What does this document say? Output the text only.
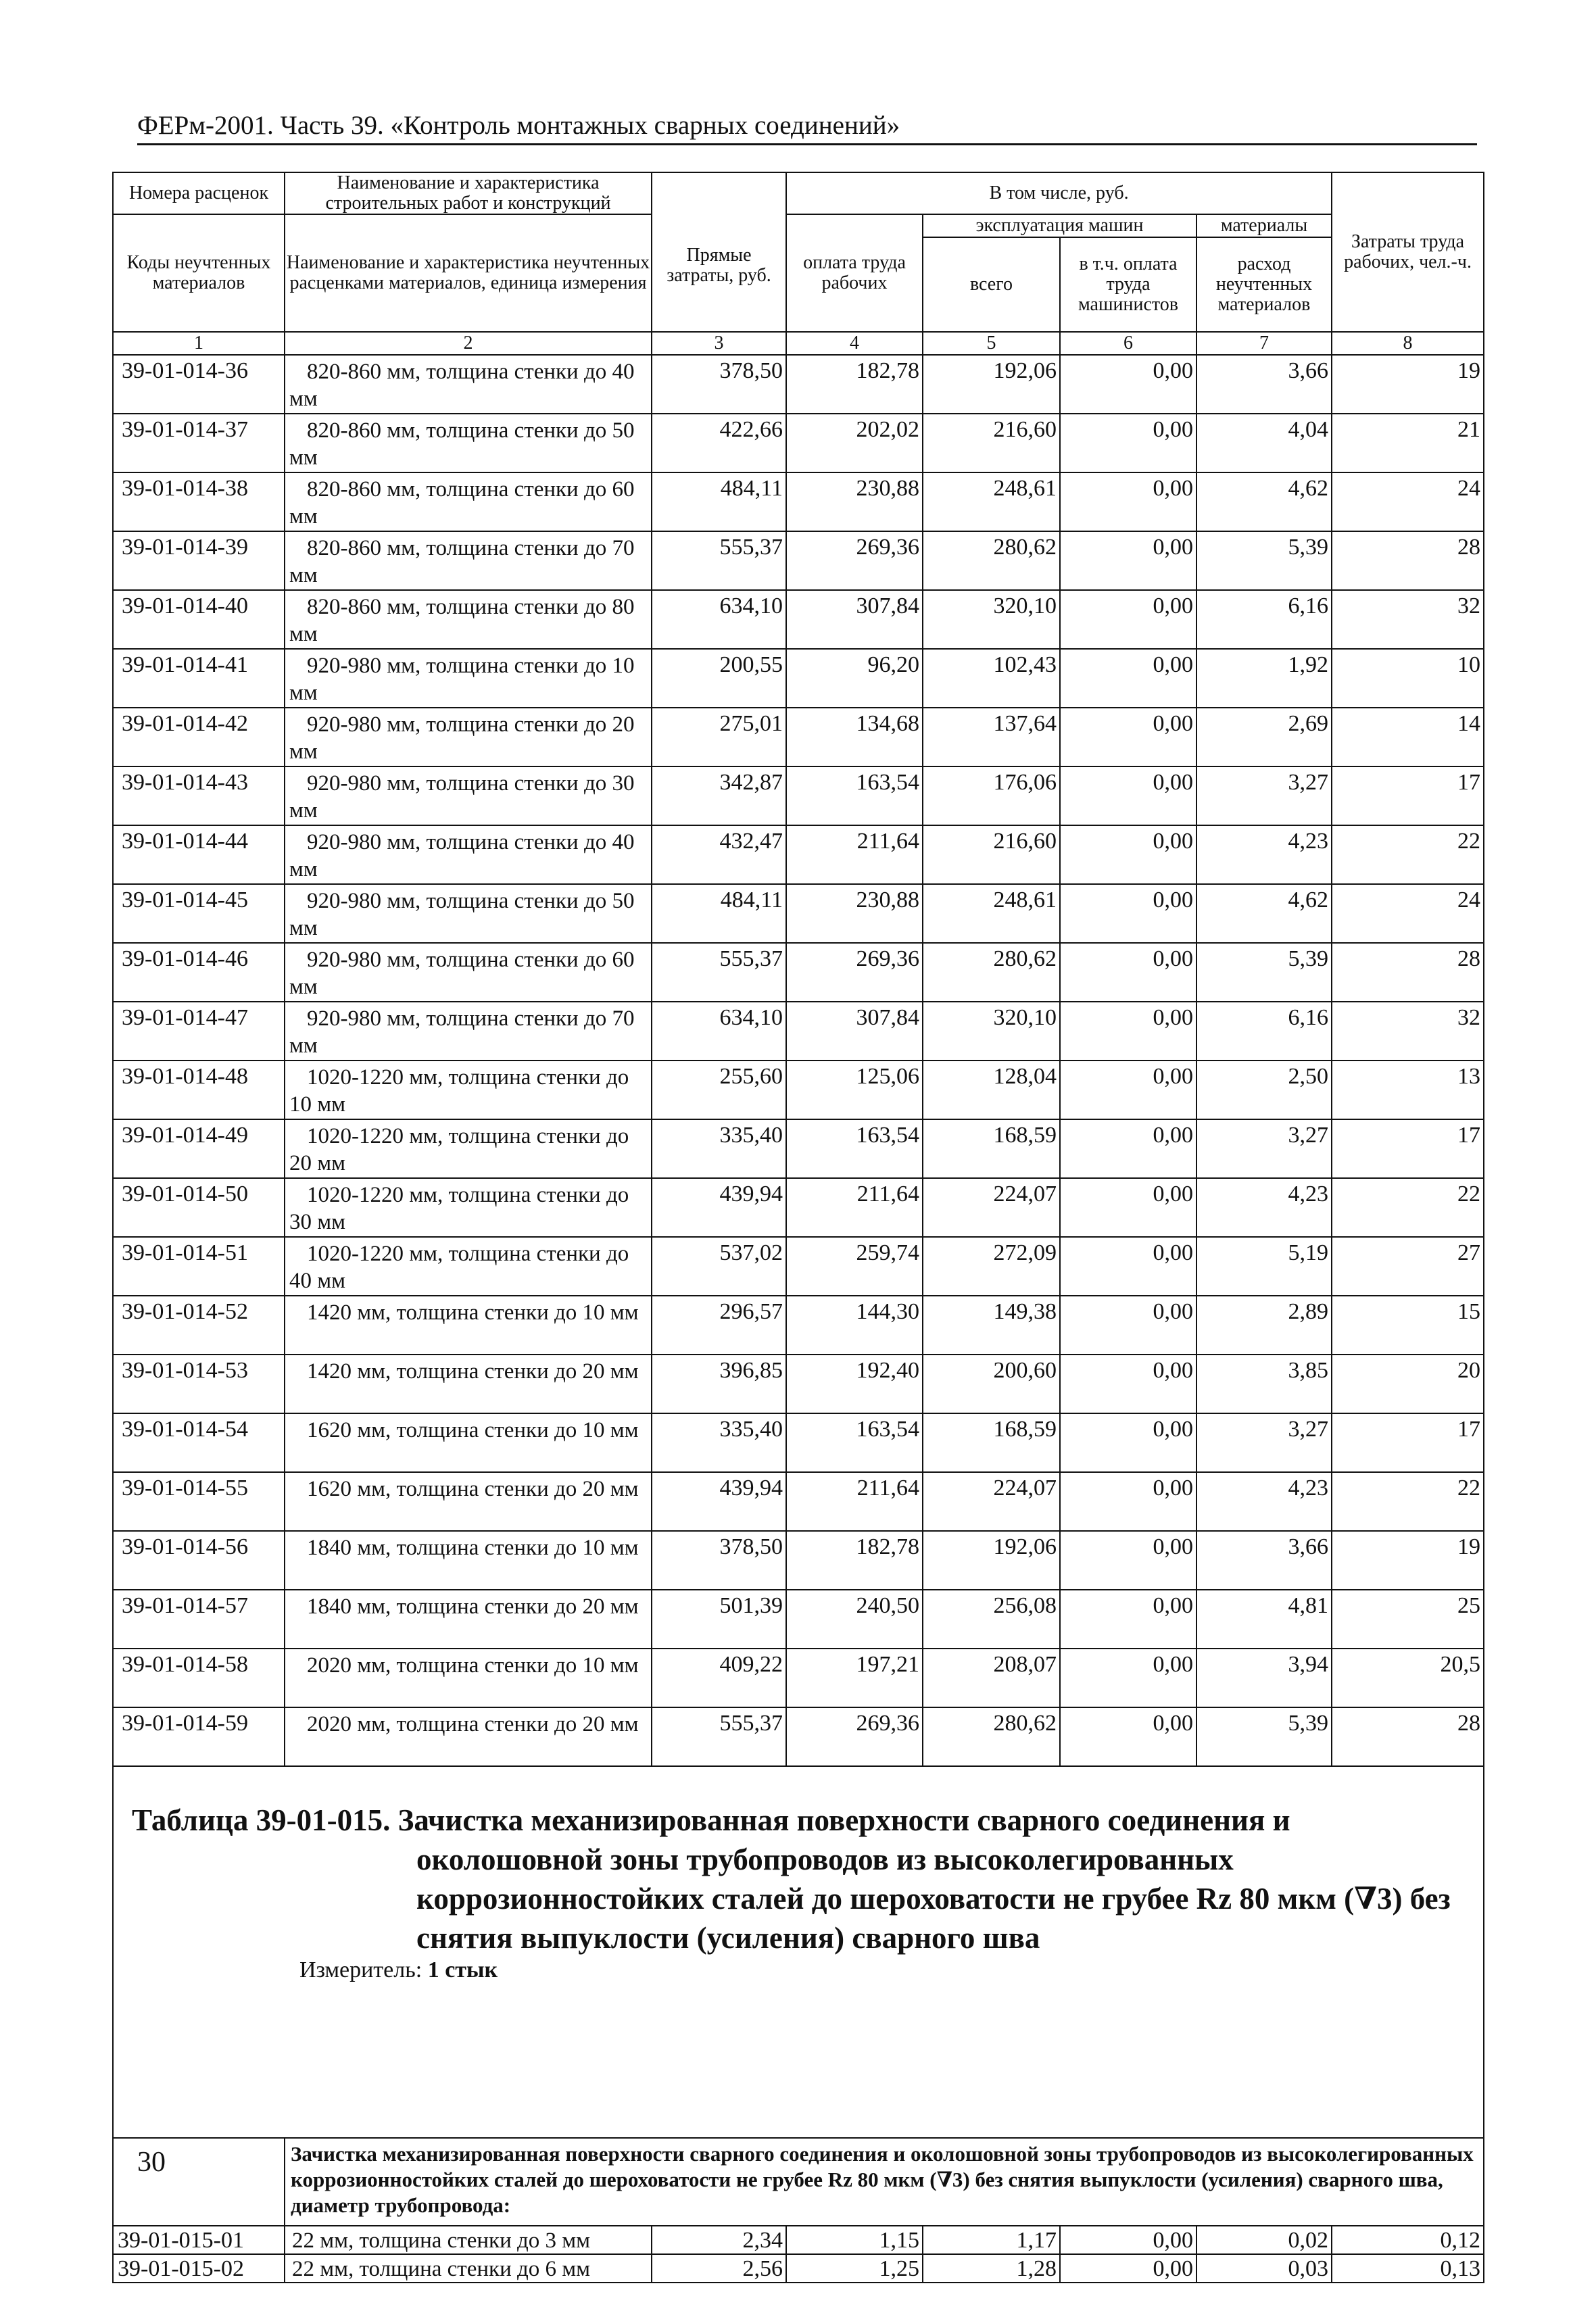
ФЕРм-2001. Часть 39. «Контроль монтажных сварных соединений»
Номера расценок	Наименование и характеристика строительных работ и конструкций	Прямые затраты, руб.	В том числе, руб.				Затраты труда рабочих, чел.-ч.
Коды неучтенных материалов	Наименование и характеристика неучтенных расценками материалов, единица измерения		оплата труда рабочих	эксплуатация машин		материалы	
				всего	в т.ч. оплата труда машинистов	расход неучтенных материалов	
1	2	3	4	5	6	7	8
39-01-014-36	820-860 мм, толщина стенки до 40 мм	378,50	182,78	192,06	0,00	3,66	19
39-01-014-37	820-860 мм, толщина стенки до 50 мм	422,66	202,02	216,60	0,00	4,04	21
39-01-014-38	820-860 мм, толщина стенки до 60 мм	484,11	230,88	248,61	0,00	4,62	24
39-01-014-39	820-860 мм, толщина стенки до 70 мм	555,37	269,36	280,62	0,00	5,39	28
39-01-014-40	820-860 мм, толщина стенки до 80 мм	634,10	307,84	320,10	0,00	6,16	32
39-01-014-41	920-980 мм, толщина стенки до 10 мм	200,55	96,20	102,43	0,00	1,92	10
39-01-014-42	920-980 мм, толщина стенки до 20 мм	275,01	134,68	137,64	0,00	2,69	14
39-01-014-43	920-980 мм, толщина стенки до 30 мм	342,87	163,54	176,06	0,00	3,27	17
39-01-014-44	920-980 мм, толщина стенки до 40 мм	432,47	211,64	216,60	0,00	4,23	22
39-01-014-45	920-980 мм, толщина стенки до 50 мм	484,11	230,88	248,61	0,00	4,62	24
39-01-014-46	920-980 мм, толщина стенки до 60 мм	555,37	269,36	280,62	0,00	5,39	28
39-01-014-47	920-980 мм, толщина стенки до 70 мм	634,10	307,84	320,10	0,00	6,16	32
39-01-014-48	1020-1220 мм, толщина стенки до 10 мм	255,60	125,06	128,04	0,00	2,50	13
39-01-014-49	1020-1220 мм, толщина стенки до 20 мм	335,40	163,54	168,59	0,00	3,27	17
39-01-014-50	1020-1220 мм, толщина стенки до 30 мм	439,94	211,64	224,07	0,00	4,23	22
39-01-014-51	1020-1220 мм, толщина стенки до 40 мм	537,02	259,74	272,09	0,00	5,19	27
39-01-014-52	1420 мм, толщина стенки до 10 мм	296,57	144,30	149,38	0,00	2,89	15
39-01-014-53	1420 мм, толщина стенки до 20 мм	396,85	192,40	200,60	0,00	3,85	20
39-01-014-54	1620 мм, толщина стенки до 10 мм	335,40	163,54	168,59	0,00	3,27	17
39-01-014-55	1620 мм, толщина стенки до 20 мм	439,94	211,64	224,07	0,00	4,23	22
39-01-014-56	1840 мм, толщина стенки до 10 мм	378,50	182,78	192,06	0,00	3,66	19
39-01-014-57	1840 мм, толщина стенки до 20 мм	501,39	240,50	256,08	0,00	4,81	25
39-01-014-58	2020 мм, толщина стенки до 10 мм	409,22	197,21	208,07	0,00	3,94	20,5
39-01-014-59	2020 мм, толщина стенки до 20 мм	555,37	269,36	280,62	0,00	5,39	28

Таблица 39-01-015. Зачистка механизированная поверхности сварного соединения и
околошовной зоны трубопроводов из высоколегированных коррозионностойких сталей до шероховатости не грубее Rz 80 мкм (∇3) без снятия выпуклости (усиления) сварного шва
Измеритель: 1 стык							

	Зачистка механизированная поверхности сварного соединения и околошовной зоны трубопроводов из высоколегированных коррозионностойких сталей до шероховатости не грубее Rz 80 мкм (∇3) без снятия выпуклости (усиления) сварного шва, диаметр трубопровода:						
39-01-015-01	22 мм, толщина стенки до 3 мм	2,34	1,15	1,17	0,00	0,02	0,12
39-01-015-02	22 мм, толщина стенки до 6 мм	2,56	1,25	1,28	0,00	0,03	0,13
30
